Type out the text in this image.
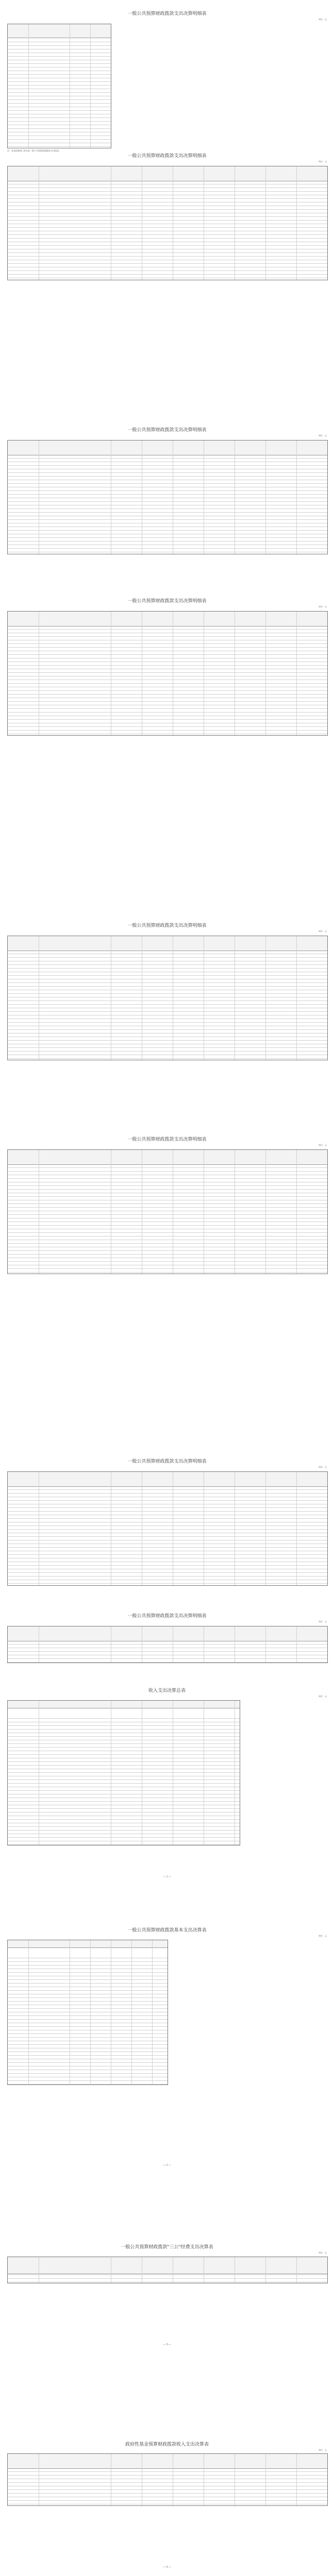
一般公共预算财政拨款支出决算明细表
单位：元
注：本表反映部门本年度一般公共预算财政拨款支出情况。
一般公共预算财政拨款支出决算明细表
单位：元
一般公共预算财政拨款支出决算明细表
单位：元
一般公共预算财政拨款支出决算明细表
单位：元
一般公共预算财政拨款支出决算明细表
单位：元
一般公共预算财政拨款支出决算明细表
单位：元
一般公共预算财政拨款支出决算明细表
单位：元
一般公共预算财政拨款支出决算明细表
单位：元
收入支出决算总表
单位：元
— 1 —
一般公共预算财政拨款基本支出决算表
单位：元
— 2 —
一般公共预算财政拨款"三公"经费支出决算表
单位：元
— 3 —
政府性基金预算财政拨款收入支出决算表
单位：元
— 4 —
